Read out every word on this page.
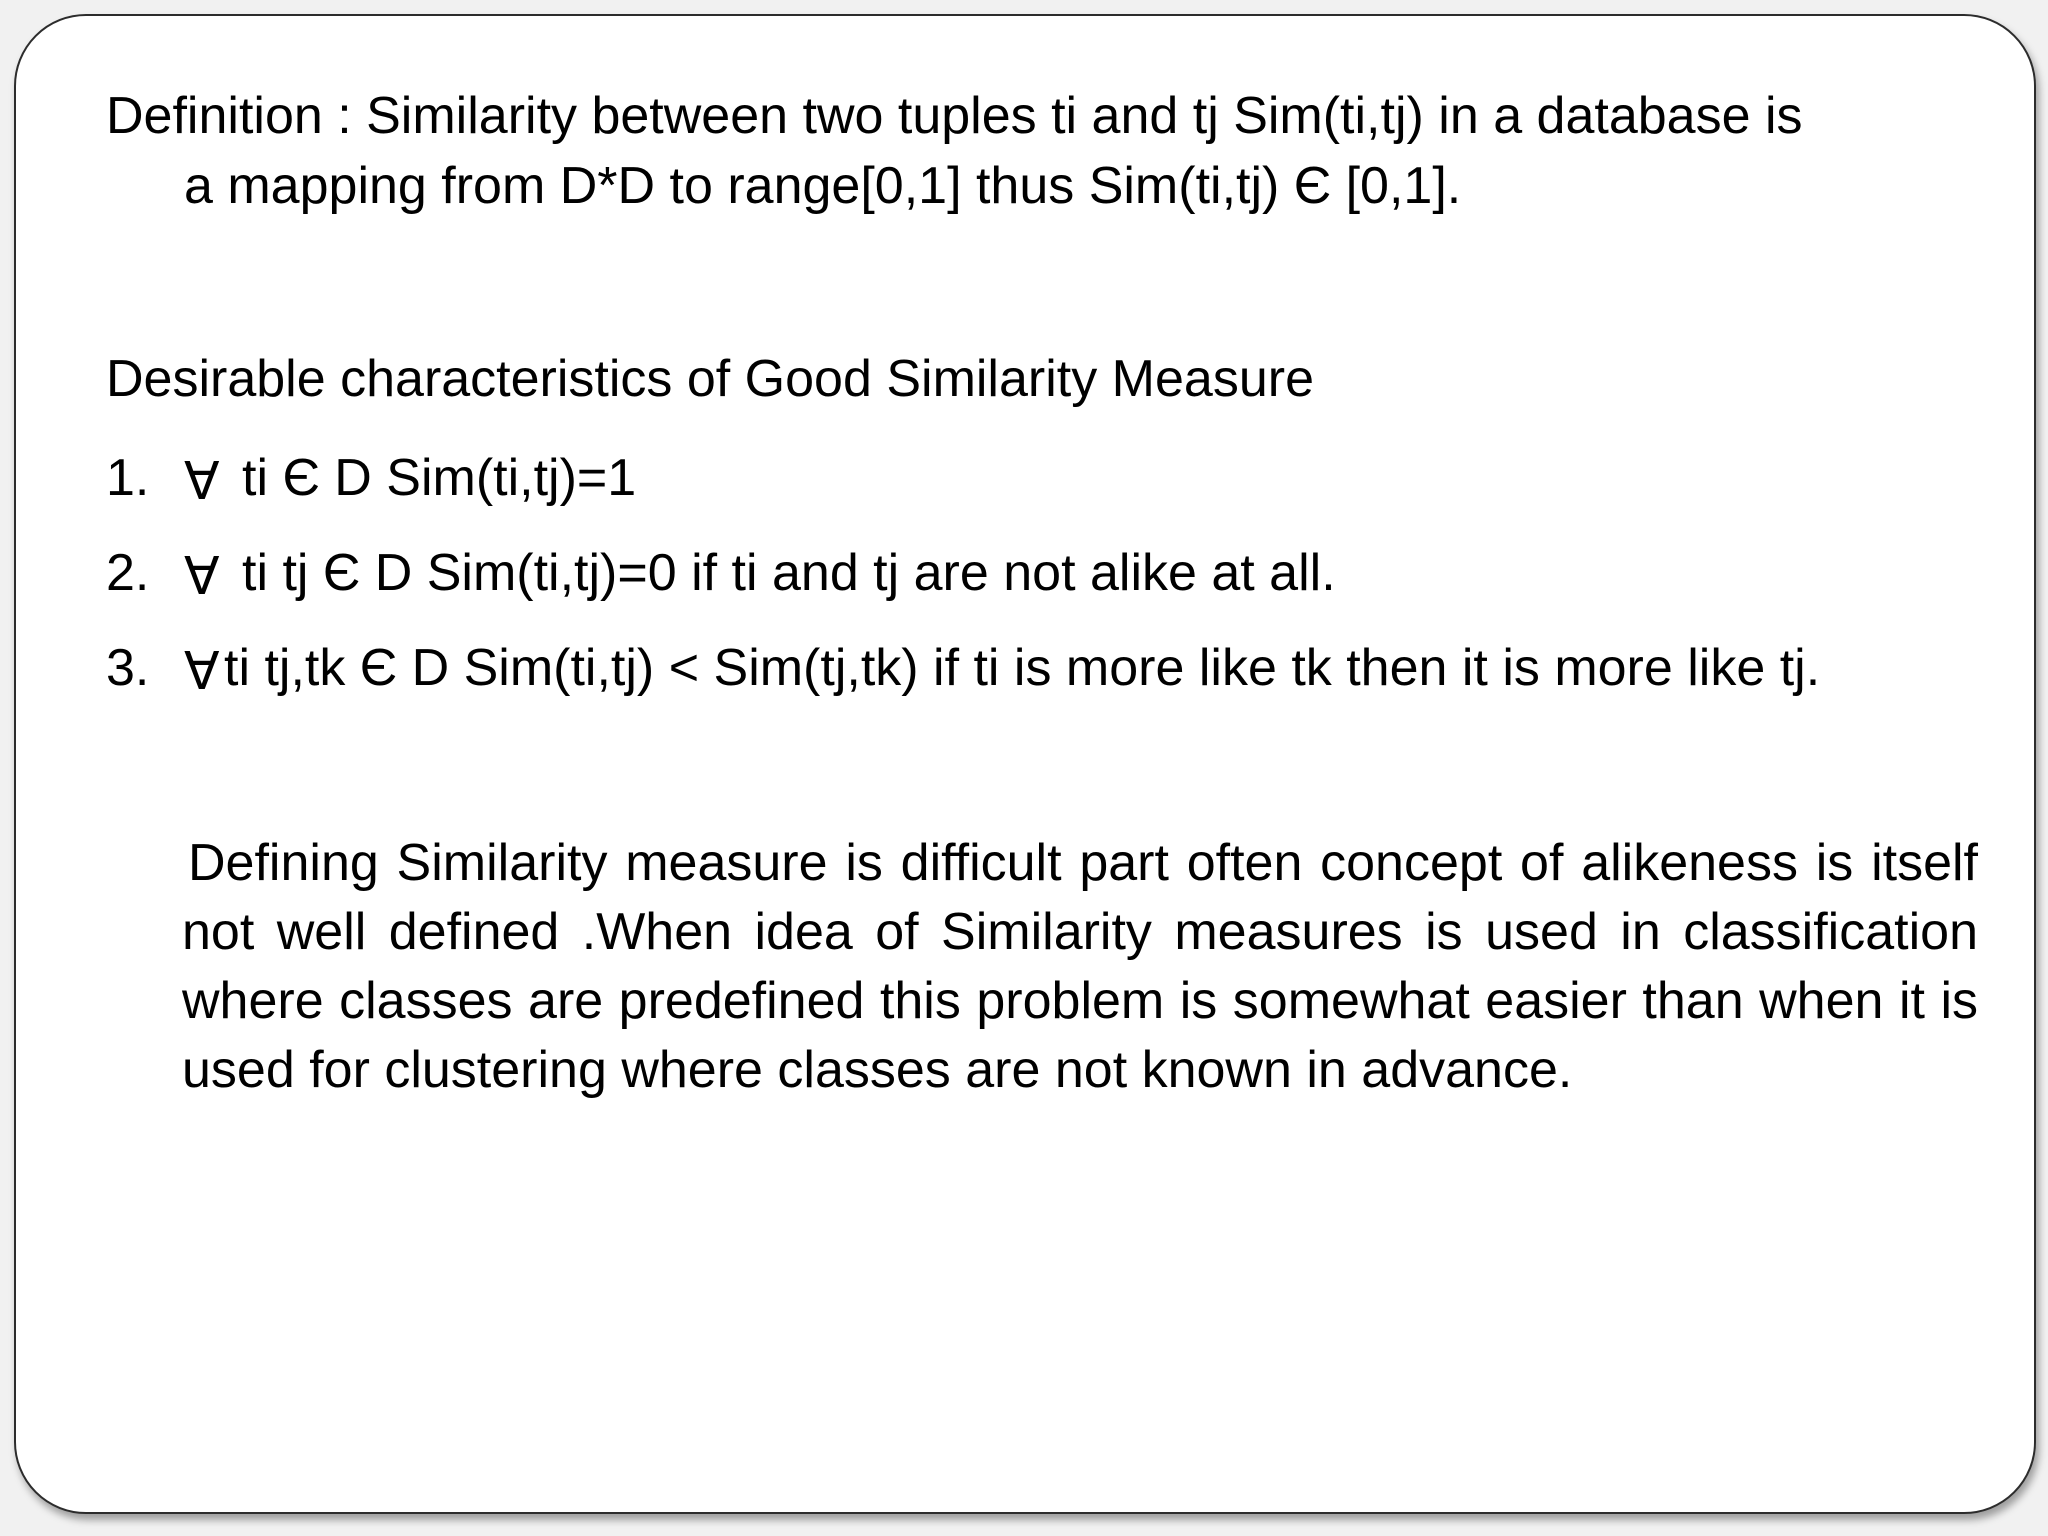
Definition : Similarity between two tuples ti and tj Sim(ti,tj) in a database is
a mapping from D*D to range[0,1] thus Sim(ti,tj) Є [0,1].
Desirable characteristics of Good Similarity Measure
1. ∀ ti Є D Sim(ti,tj)=1
2. ∀ ti tj Є D Sim(ti,tj)=0 if ti and tj are not alike at all.
3. ∀ti tj,tk Є D Sim(ti,tj) < Sim(tj,tk) if ti is more like tk then it is more like tj.
Defining Similarity measure is difficult part often concept of alikeness is itself not well defined .When idea of Similarity measures is used in classification where classes are predefined this problem is somewhat easier than when it is used for clustering where classes are not known in advance.
